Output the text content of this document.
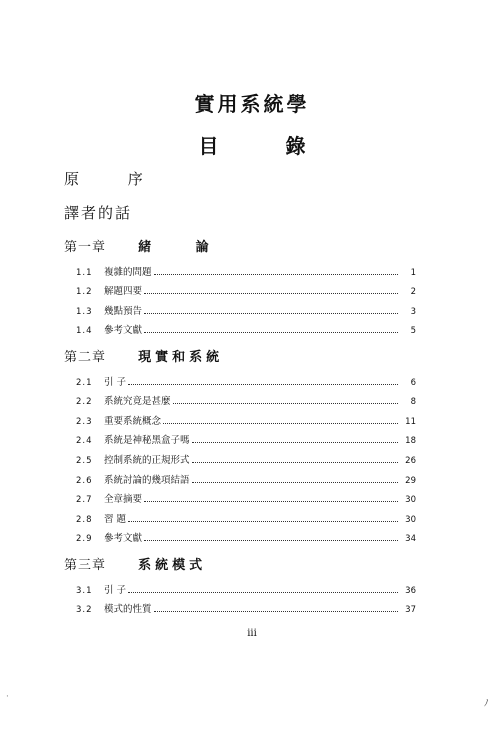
實用系統學
目 錄
原 序
譯者的話
第一章 緒 論
1.1	複雜的問題	1
1.2	解題四要	2
1.3	幾點預告	3
1.4	參考文獻	5
第二章 現實和系統
2.1	引 子	6
2.2	系統究竟是甚麼	8
2.3	重要系統概念	11
2.4	系統是神秘黑盒子嗎	18
2.5	控制系統的正規形式	26
2.6	系統討論的幾項結語	29
2.7	全章摘要	30
2.8	習 題	30
2.9	參考文獻	34
第三章 系統模式
3.1	引 子	36
3.2	模式的性質	37
iii
·
ﾉ
